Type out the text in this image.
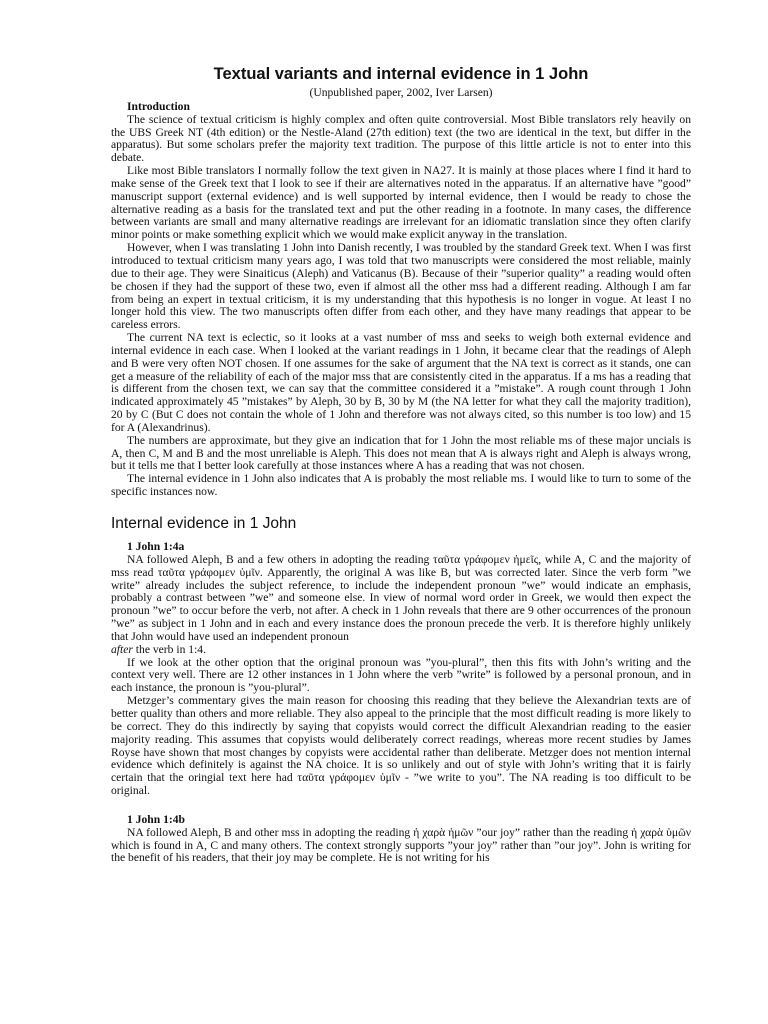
Textual variants and internal evidence in 1 John
(Unpublished paper, 2002, Iver Larsen)
Introduction

The science of textual criticism is highly complex and often quite controversial. Most Bible translators rely heavily on the UBS Greek NT (4th edition) or the Nestle-Aland (27th edition) text (the two are identical in the text, but differ in the apparatus). But some scholars prefer the majority text tradition. The purpose of this little article is not to enter into this debate.

Like most Bible translators I normally follow the text given in NA27. It is mainly at those places where I find it hard to make sense of the Greek text that I look to see if their are alternatives noted in the apparatus. If an alternative have ”good” manuscript support (external evidence) and is well supported by internal evidence, then I would be ready to chose the alternative reading as a basis for the translated text and put the other reading in a footnote. In many cases, the difference between variants are small and many alternative readings are irrelevant for an idiomatic translation since they often clarify minor points or make something explicit which we would make explicit anyway in the translation.

However, when I was translating 1 John into Danish recently, I was troubled by the standard Greek text. When I was first introduced to textual criticism many years ago, I was told that two manuscripts were considered the most reliable, mainly due to their age. They were Sinaiticus (Aleph) and Vaticanus (B). Because of their ”superior quality” a reading would often be chosen if they had the support of these two, even if almost all the other mss had a different reading. Although I am far from being an expert in textual criticism, it is my understanding that this hypothesis is no longer in vogue. At least I no longer hold this view. The two manuscripts often differ from each other, and they have many readings that appear to be careless errors.

The current NA text is eclectic, so it looks at a vast number of mss and seeks to weigh both external evidence and internal evidence in each case. When I looked at the variant readings in 1 John, it became clear that the readings of Aleph and B were very often NOT chosen. If one assumes for the sake of argument that the NA text is correct as it stands, one can get a measure of the reliability of each of the major mss that are consistently cited in the apparatus. If a ms has a reading that is different from the chosen text, we can say that the committee considered it a ”mistake”. A rough count through 1 John indicated approximately 45 ”mistakes” by Aleph, 30 by B, 30 by M (the NA letter for what they call the majority tradition), 20 by C (But C does not contain the whole of 1 John and therefore was not always cited, so this number is too low) and 15 for A (Alexandrinus).

The numbers are approximate, but they give an indication that for 1 John the most reliable ms of these major uncials is A, then C, M and B and the most unreliable is Aleph. This does not mean that A is always right and Aleph is always wrong, but it tells me that I better look carefully at those instances where A has a reading that was not chosen.

The internal evidence in 1 John also indicates that A is probably the most reliable ms. I would like to turn to some of the specific instances now.

Internal evidence in 1 John
1 John 1:4a

NA followed Aleph, B and a few others in adopting the reading ταῦτα γράφομεν ἡμεῖς, while A, C and the majority of mss read ταῦτα γράφομεν ὑμῖν. Apparently, the original A was like B, but was corrected later. Since the verb form ”we write” already includes the subject reference, to include the independent pronoun ”we” would indicate an emphasis, probably a contrast between ”we” and someone else. In view of normal word order in Greek, we would then expect the pronoun ”we” to occur before the verb, not after. A check in 1 John reveals that there are 9 other occurrences of the pronoun ”we” as subject in 1 John and in each and every instance does the pronoun precede the verb. It is therefore highly unlikely that John would have used an independent pronoun
after the verb in 1:4.

If we look at the other option that the original pronoun was ”you-plural”, then this fits with John’s writing and the context very well. There are 12 other instances in 1 John where the verb ”write” is followed by a personal pronoun, and in each instance, the pronoun is ”you-plural”.

Metzger’s commentary gives the main reason for choosing this reading that they believe the Alexandrian texts are of better quality than others and more reliable. They also appeal to the principle that the most difficult reading is more likely to be correct. They do this indirectly by saying that copyists would correct the difficult Alexandrian reading to the easier majority reading. This assumes that copyists would deliberately correct readings, whereas more recent studies by James Royse have shown that most changes by copyists were accidental rather than deliberate. Metzger does not mention internal evidence which definitely is against the NA choice. It is so unlikely and out of style with John’s writing that it is fairly certain that the oringial text here had ταῦτα γράφομεν ὑμῖν - ”we write to you”. The NA reading is too difficult to be original.

1 John 1:4b

NA followed Aleph, B and other mss in adopting the reading ἡ χαρὰ ἡμῶν ”our joy” rather than the reading ἡ χαρὰ ὑμῶν which is found in A, C and many others. The context strongly supports ”your joy” rather than ”our joy”. John is writing for the benefit of his readers, that their joy may be complete. He is not writing for his
